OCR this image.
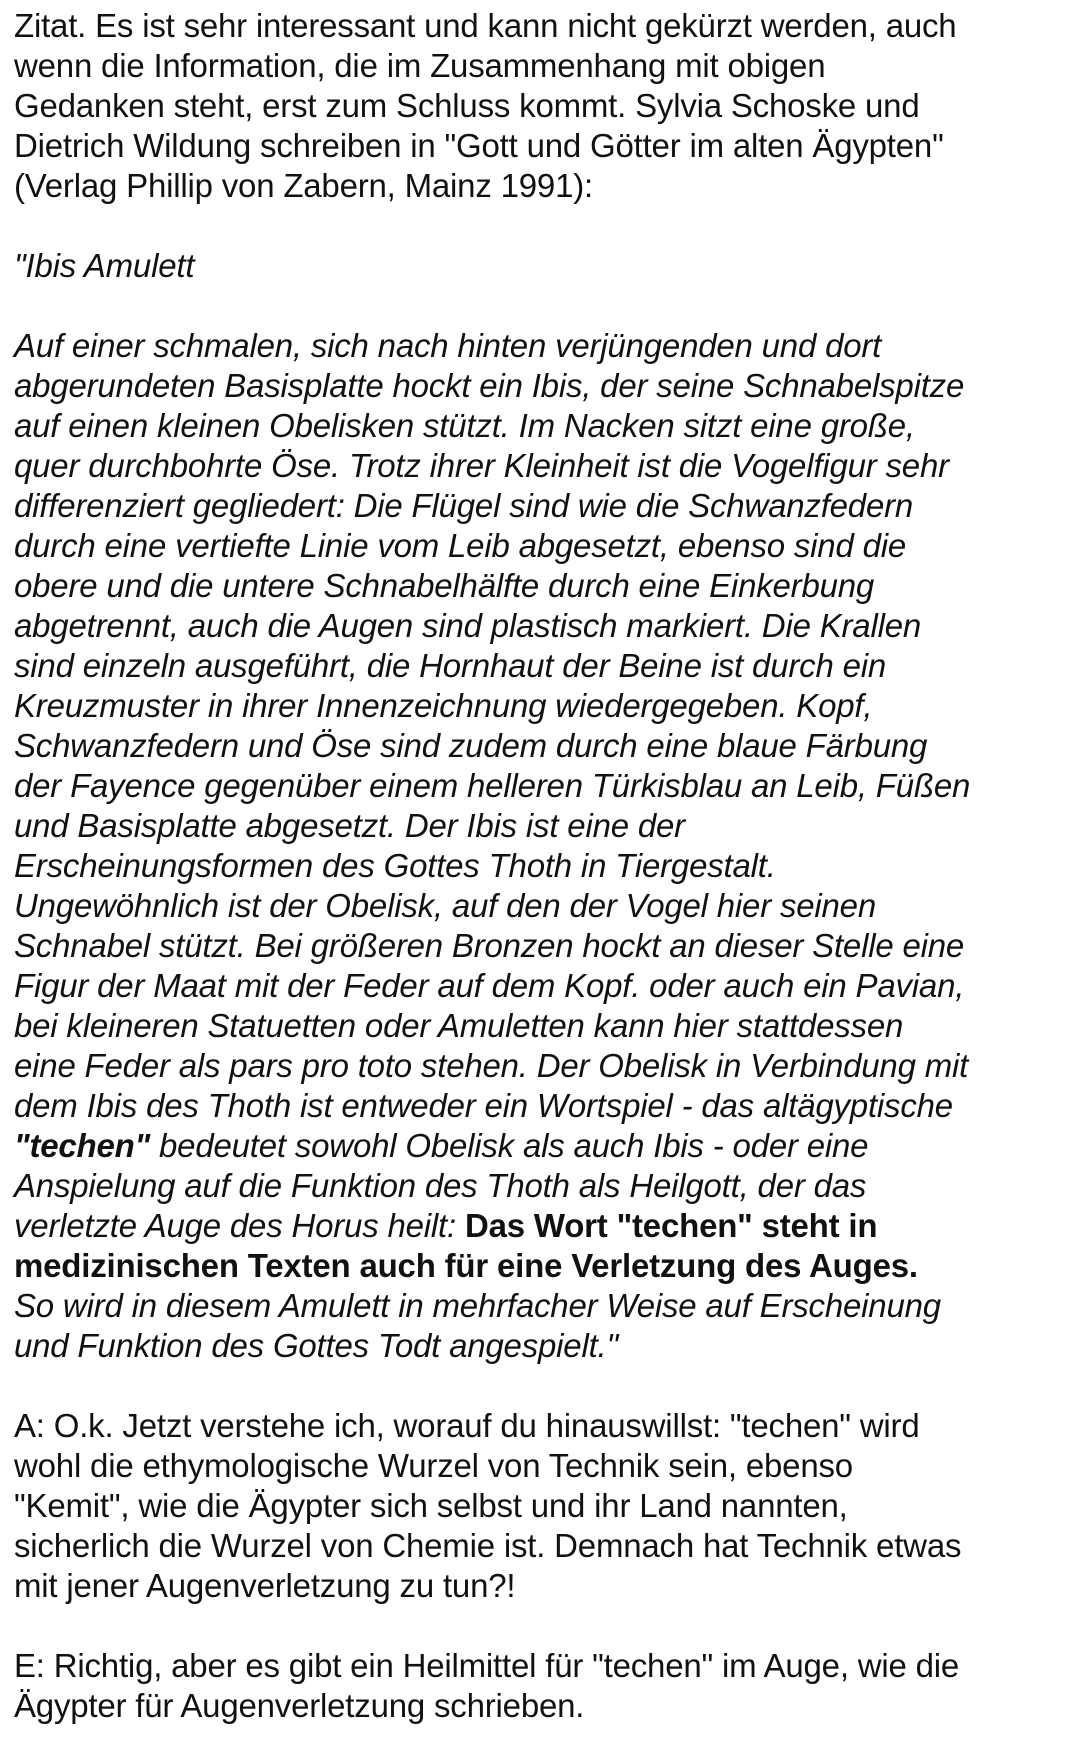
Zitat. Es ist sehr interessant und kann nicht gekürzt werden, auch
wenn die Information, die im Zusammenhang mit obigen
Gedanken steht, erst zum Schluss kommt. Sylvia Schoske und
Dietrich Wildung schreiben in "Gott und Götter im alten Ägypten"
(Verlag Phillip von Zabern, Mainz 1991):

"Ibis Amulett

Auf einer schmalen, sich nach hinten verjüngenden und dort
abgerundeten Basisplatte hockt ein Ibis, der seine Schnabelspitze
auf einen kleinen Obelisken stützt. Im Nacken sitzt eine große,
quer durchbohrte Öse. Trotz ihrer Kleinheit ist die Vogelfigur sehr
differenziert gegliedert: Die Flügel sind wie die Schwanzfedern
durch eine vertiefte Linie vom Leib abgesetzt, ebenso sind die
obere und die untere Schnabelhälfte durch eine Einkerbung
abgetrennt, auch die Augen sind plastisch markiert. Die Krallen
sind einzeln ausgeführt, die Hornhaut der Beine ist durch ein
Kreuzmuster in ihrer Innenzeichnung wiedergegeben. Kopf,
Schwanzfedern und Öse sind zudem durch eine blaue Färbung
der Fayence gegenüber einem helleren Türkisblau an Leib, Füßen
und Basisplatte abgesetzt. Der Ibis ist eine der
Erscheinungsformen des Gottes Thoth in Tiergestalt.
Ungewöhnlich ist der Obelisk, auf den der Vogel hier seinen
Schnabel stützt. Bei größeren Bronzen hockt an dieser Stelle eine
Figur der Maat mit der Feder auf dem Kopf. oder auch ein Pavian,
bei kleineren Statuetten oder Amuletten kann hier stattdessen
eine Feder als pars pro toto stehen. Der Obelisk in Verbindung mit
dem Ibis des Thoth ist entweder ein Wortspiel - das altägyptische
"techen" bedeutet sowohl Obelisk als auch Ibis - oder eine
Anspielung auf die Funktion des Thoth als Heilgott, der das
verletzte Auge des Horus heilt: Das Wort "techen" steht in
medizinischen Texten auch für eine Verletzung des Auges.
So wird in diesem Amulett in mehrfacher Weise auf Erscheinung
und Funktion des Gottes Todt angespielt."

A: O.k. Jetzt verstehe ich, worauf du hinauswillst: "techen" wird
wohl die ethymologische Wurzel von Technik sein, ebenso
"Kemit", wie die Ägypter sich selbst und ihr Land nannten,
sicherlich die Wurzel von Chemie ist. Demnach hat Technik etwas
mit jener Augenverletzung zu tun?!

E: Richtig, aber es gibt ein Heilmittel für "techen" im Auge, wie die
Ägypter für Augenverletzung schrieben.
